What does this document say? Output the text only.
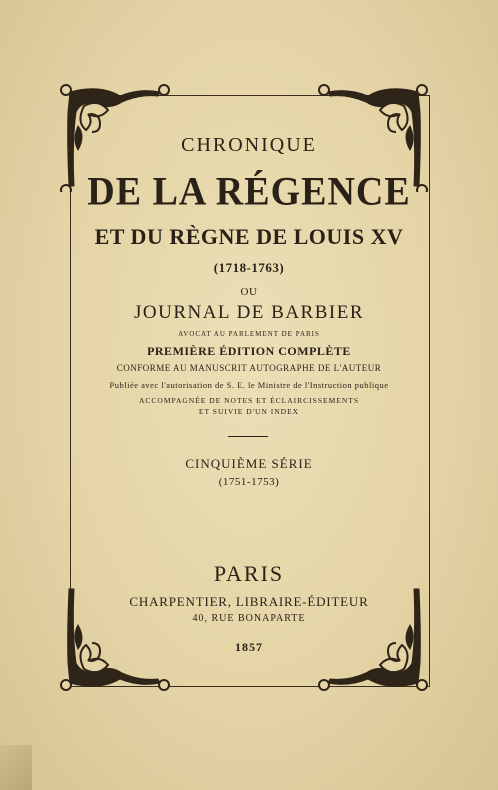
CHRONIQUE
DE LA RÉGENCE
ET DU RÈGNE DE LOUIS XV
(1718-1763)
OU
JOURNAL DE BARBIER
AVOCAT AU PARLEMENT DE PARIS
PREMIÈRE ÉDITION COMPLÈTE
CONFORME AU MANUSCRIT AUTOGRAPHE DE L'AUTEUR
Publiée avec l'autorisation de S. E. le Ministre de l'Instruction publique
ACCOMPAGNÉE DE NOTES ET ÉCLAIRCISSEMENTS
ET SUIVIE D'UN INDEX
CINQUIÈME SÉRIE
(1751-1753)
PARIS
CHARPENTIER, LIBRAIRE-ÉDITEUR
40, RUE BONAPARTE
1857
